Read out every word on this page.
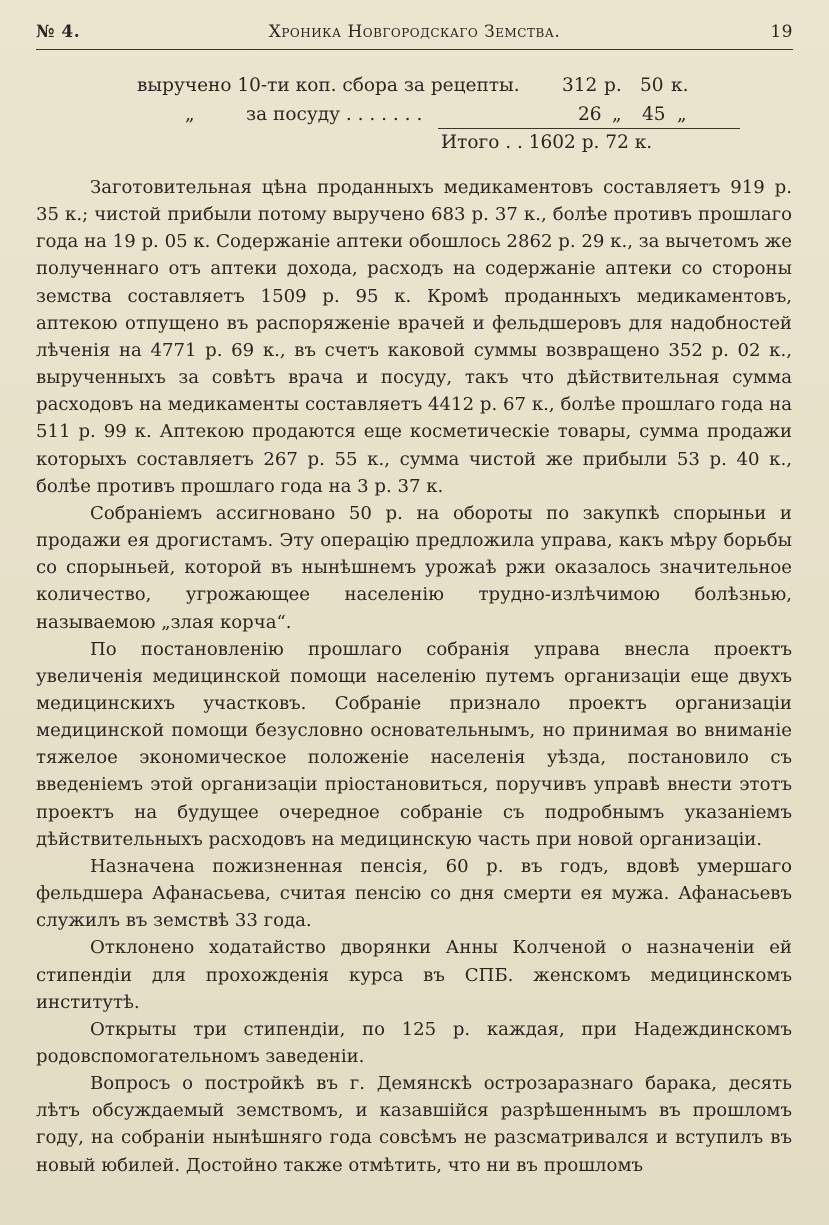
№ 4.	Хроника Новгородскаго Земства.	19
выручено 10-ти коп. сбора за рецепты. 312 р. 50 к.
„	за посуду . . . . . . .	26 „ 45 „
Итого . . 1602 р. 72 к.

Заготовительная цѣна проданныхъ медикаментовъ составляетъ 919 р. 35 к.; чистой прибыли потому выручено 683 р. 37 к., болѣе противъ прошлаго года на 19 р. 05 к. Содержаніе аптеки обошлось 2862 р. 29 к., за вычетомъ же полученнаго отъ аптеки дохода, расходъ на содержаніе аптеки со стороны земства составляетъ 1509 р. 95 к. Кромѣ проданныхъ медикаментовъ, аптекою отпущено въ распоряженіе врачей и фельдшеровъ для надобностей лѣченія на 4771 р. 69 к., въ счетъ каковой суммы возвращено 352 р. 02 к., вырученныхъ за совѣтъ врача и посуду, такъ что дѣйствительная сумма расходовъ на медикаменты составляетъ 4412 р. 67 к., болѣе прошлаго года на 511 р. 99 к. Аптекою продаются еще косметическіе товары, сумма продажи которыхъ составляетъ 267 р. 55 к., сумма чистой же прибыли 53 р. 40 к., болѣе противъ прошлаго года на 3 р. 37 к.

Собраніемъ ассигновано 50 р. на обороты по закупкѣ спорыньи и продажи ея дрогистамъ. Эту операцію предложила управа, какъ мѣру борьбы со спорыньей, которой въ нынѣшнемъ урожаѣ ржи оказалось значительное количество, угрожающее населенію трудно-излѣчимою болѣзнью, называемою „злая корча“.

По постановленію прошлаго собранія управа внесла проектъ увеличенія медицинской помощи населенію путемъ организаціи еще двухъ медицинскихъ участковъ. Собраніе признало проектъ организаціи медицинской помощи безусловно основательнымъ, но принимая во вниманіе тяжелое экономическое положеніе населенія уѣзда, постановило съ введеніемъ этой организаціи пріостановиться, поручивъ управѣ внести этотъ проектъ на будущее очередное собраніе съ подробнымъ указаніемъ дѣйствительныхъ расходовъ на медицинскую часть при новой организаціи.

Назначена пожизненная пенсія, 60 р. въ годъ, вдовѣ умершаго фельдшера Афанасьева, считая пенсію со дня смерти ея мужа. Афанасьевъ служилъ въ земствѣ 33 года.

Отклонено ходатайство дворянки Анны Колченой о назначеніи ей стипендіи для прохожденія курса въ СПБ. женскомъ медицинскомъ институтѣ.

Открыты три стипендіи, по 125 р. каждая, при Надеждинскомъ родовспомогательномъ заведеніи.

Вопросъ о постройкѣ въ г. Демянскѣ острозаразнаго барака, десять лѣтъ обсуждаемый земствомъ, и казавшійся разрѣшеннымъ въ прошломъ году, на собраніи нынѣшняго года совсѣмъ не разсматривался и вступилъ въ новый юбилей. Достойно также отмѣтить, что ни въ прошломъ
